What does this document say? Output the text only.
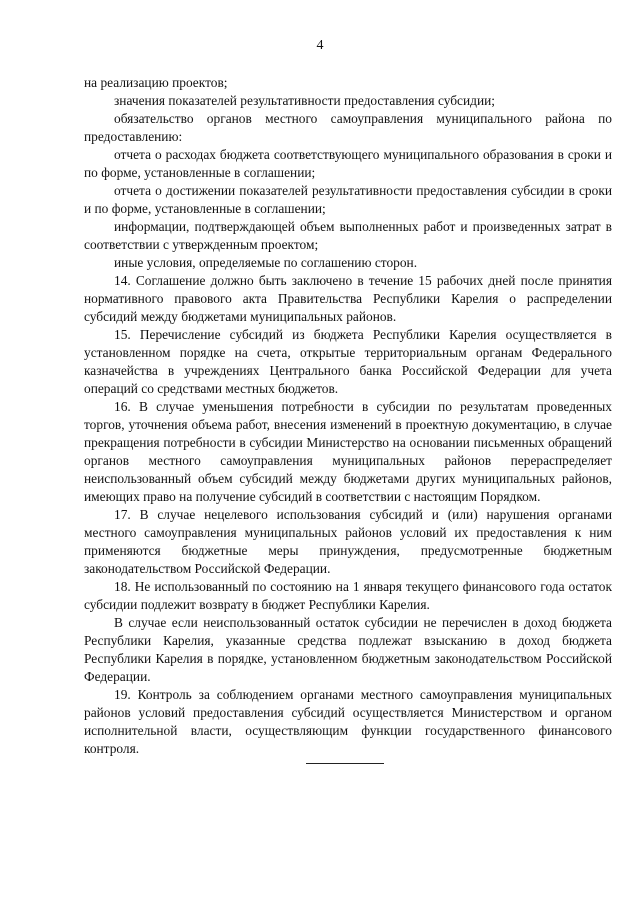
4

на реализацию проектов;

значения показателей результативности предоставления субсидии;

обязательство органов местного самоуправления муниципального района по предоставлению:

отчета о расходах бюджета соответствующего муниципального образования в сроки и по форме, установленные в соглашении;

отчета о достижении показателей результативности предоставления субсидии в сроки и по форме, установленные в соглашении;

информации, подтверждающей объем выполненных работ и произведенных затрат в соответствии с утвержденным проектом;

иные условия, определяемые по соглашению сторон.

14. Соглашение должно быть заключено в течение 15 рабочих дней после принятия нормативного правового акта Правительства Республики Карелия о распределении субсидий между бюджетами муниципальных районов.

15. Перечисление субсидий из бюджета Республики Карелия осуществляется в установленном порядке на счета, открытые территориальным органам Федерального казначейства в учреждениях Центрального банка Российской Федерации для учета операций со средствами местных бюджетов.

16. В случае уменьшения потребности в субсидии по результатам проведенных торгов, уточнения объема работ, внесения изменений в проектную документацию, в случае прекращения потребности в субсидии Министерство на основании письменных обращений органов местного самоуправления муниципальных районов перераспределяет неиспользованный объем субсидий между бюджетами других муниципальных районов, имеющих право на получение субсидий в соответствии с настоящим Порядком.

17. В случае нецелевого использования субсидий и (или) нарушения органами местного самоуправления муниципальных районов условий их предоставления к ним применяются бюджетные меры принуждения, предусмотренные бюджетным законодательством Российской Федерации.

18. Не использованный по состоянию на 1 января текущего финансового года остаток субсидии подлежит возврату в бюджет Республики Карелия.

В случае если неиспользованный остаток субсидии не перечислен в доход бюджета Республики Карелия, указанные средства подлежат взысканию в доход бюджета Республики Карелия в порядке, установленном бюджетным законодательством Российской Федерации.

19. Контроль за соблюдением органами местного самоуправления муниципальных районов условий предоставления субсидий осуществляется Министерством и органом исполнительной власти, осуществляющим функции государственного финансового контроля.
